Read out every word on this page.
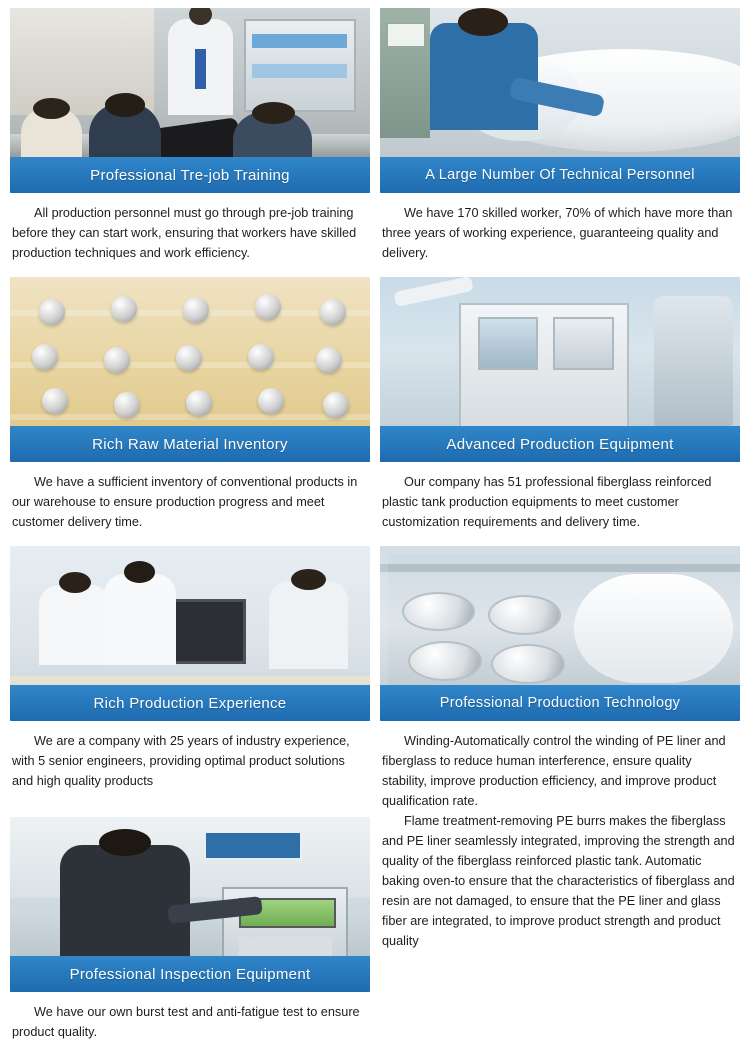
Professional Tre-job Training

All production personnel must go through pre-job training before they can start work, ensuring that workers have skilled production techniques and work efficiency.

Rich Raw Material Inventory

We have a sufficient inventory of conventional products in our warehouse to ensure production progress and meet customer delivery time.

Rich Production Experience

We are a company with 25 years of industry experience, with 5 senior engineers, providing optimal product solutions and high quality products

Professional Inspection Equipment

We have our own burst test and anti-fatigue test to ensure product quality.

A Large Number Of Technical Personnel

We have 170 skilled worker, 70% of which have more than three years of working experience, guaranteeing quality and delivery.

Advanced Production Equipment

Our company has 51 professional fiberglass reinforced plastic tank production equipments to meet customer customization requirements and delivery time.

Professional Production Technology

Winding-Automatically control the winding of PE liner and fiberglass to reduce human interference, ensure quality stability, improve production efficiency, and improve product qualification rate.

Flame treatment-removing PE burrs makes the fiberglass and PE liner seamlessly integrated, improving the strength and quality of the fiberglass reinforced plastic tank. Automatic baking oven-to ensure that the characteristics of fiberglass and resin are not damaged, to ensure that the PE liner and glass fiber are integrated, to improve product strength and product quality
